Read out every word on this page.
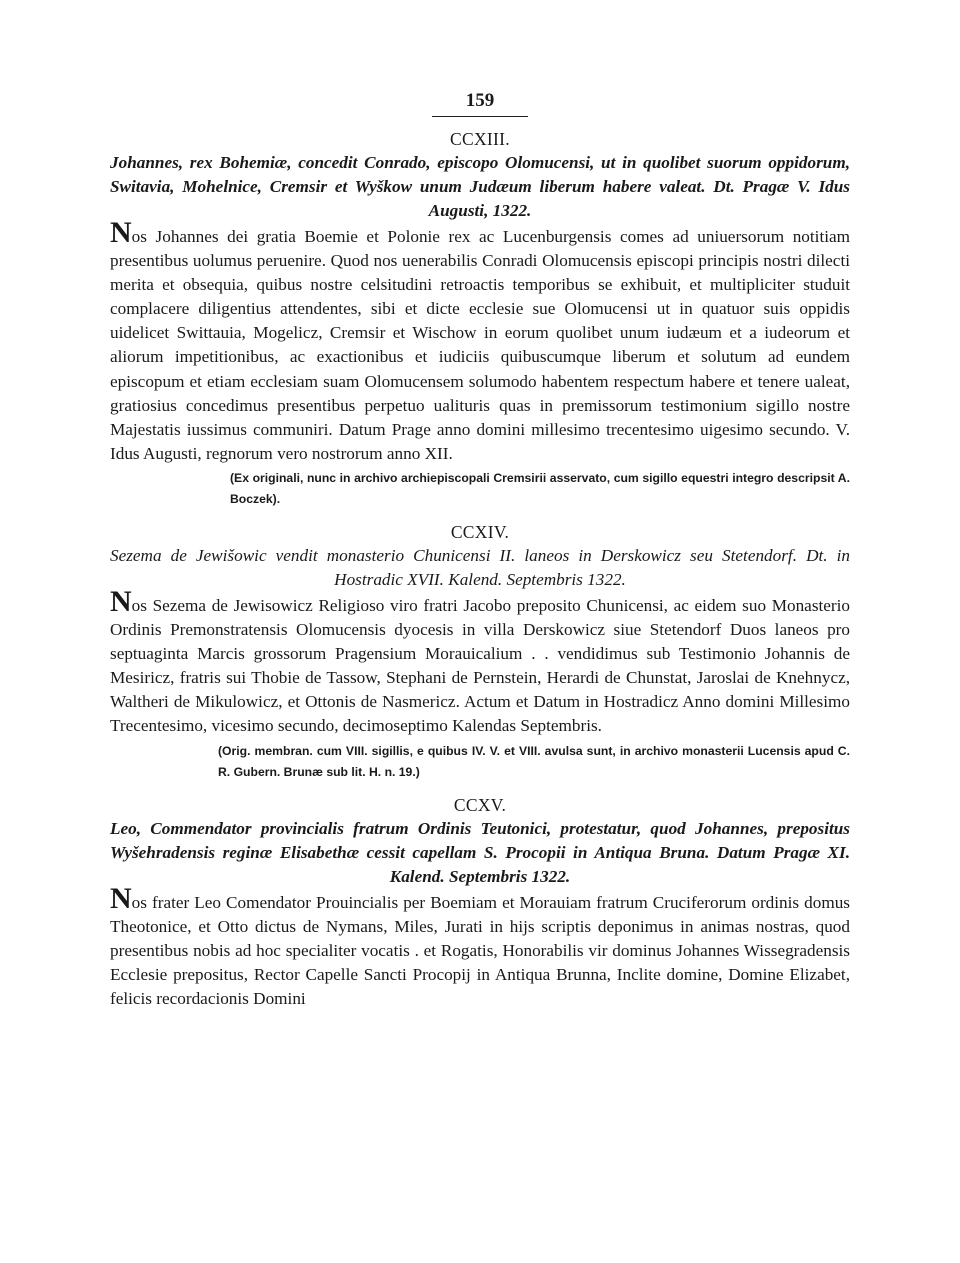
159
CCXIII.
Johannes, rex Bohemiæ, concedit Conrado, episcopo Olomucensi, ut in quolibet suorum oppidorum, Switavia, Mohelnice, Cremsir et Wyškow unum Judæum liberum habere valeat. Dt. Pragæ V. Idus Augusti, 1322.
Nos Johannes dei gratia Boemie et Polonie rex ac Lucenburgensis comes ad uniuersorum notitiam presentibus uolumus peruenire. Quod nos uenerabilis Conradi Olomucensis episcopi principis nostri dilecti merita et obsequia, quibus nostre celsitudini retroactis temporibus se exhibuit, et multipliciter studuit complacere diligentius attendentes, sibi et dicte ecclesie sue Olomucensi ut in quatuor suis oppidis uidelicet Swittauia, Mogelicz, Cremsir et Wischow in eorum quolibet unum iudæum et a iudeorum et aliorum impetitionibus, ac exactionibus et iudiciis quibuscumque liberum et solutum ad eundem episcopum et etiam ecclesiam suam Olomucensem solumodo habentem respectum habere et tenere ualeat, gratiosius concedimus presentibus perpetuo ualituris quas in premissorum testimonium sigillo nostre Majestatis iussimus communiri. Datum Prage anno domini millesimo trecentesimo uigesimo secundo. V. Idus Augusti, regnorum vero nostrorum anno XII.
(Ex originali, nunc in archivo archiepiscopali Cremsirii asservato, cum sigillo equestri integro descripsit A. Boczek).
CCXIV.
Sezema de Jewišowic vendit monasterio Chunicensi II. laneos in Derskowicz seu Stetendorf. Dt. in Hostradic XVII. Kalend. Septembris 1322.
Nos Sezema de Jewisowicz Religioso viro fratri Jacobo preposito Chunicensi, ac eidem suo Monasterio Ordinis Premonstratensis Olomucensis dyocesis in villa Derskowicz siue Stetendorf Duos laneos pro septuaginta Marcis grossorum Pragensium Morauicalium . . vendidimus sub Testimonio Johannis de Mesiricz, fratris sui Thobie de Tassow, Stephani de Pernstein, Herardi de Chunstat, Jaroslai de Knehnycz, Waltheri de Mikulowicz, et Ottonis de Nasmericz. Actum et Datum in Hostradicz Anno domini Millesimo Trecentesimo, vicesimo secundo, decimoseptimo Kalendas Septembris.
(Orig. membran. cum VIII. sigillis, e quibus IV. V. et VIII. avulsa sunt, in archivo monasterii Lucensis apud C. R. Gubern. Brunæ sub lit. H. n. 19.)
CCXV.
Leo, Commendator provincialis fratrum Ordinis Teutonici, protestatur, quod Johannes, prepositus Wyšehradensis reginæ Elisabethæ cessit capellam S. Procopii in Antiqua Bruna. Datum Pragæ XI. Kalend. Septembris 1322.
Nos frater Leo Comendator Prouincialis per Boemiam et Morauiam fratrum Cruciferorum ordinis domus Theotonice, et Otto dictus de Nymans, Miles, Jurati in hijs scriptis deponimus in animas nostras, quod presentibus nobis ad hoc specialiter vocatis . et Rogatis, Honorabilis vir dominus Johannes Wissegradensis Ecclesie prepositus, Rector Capelle Sancti Procopij in Antiqua Brunna, Inclite domine, Domine Elizabet, felicis recordacionis Domini
